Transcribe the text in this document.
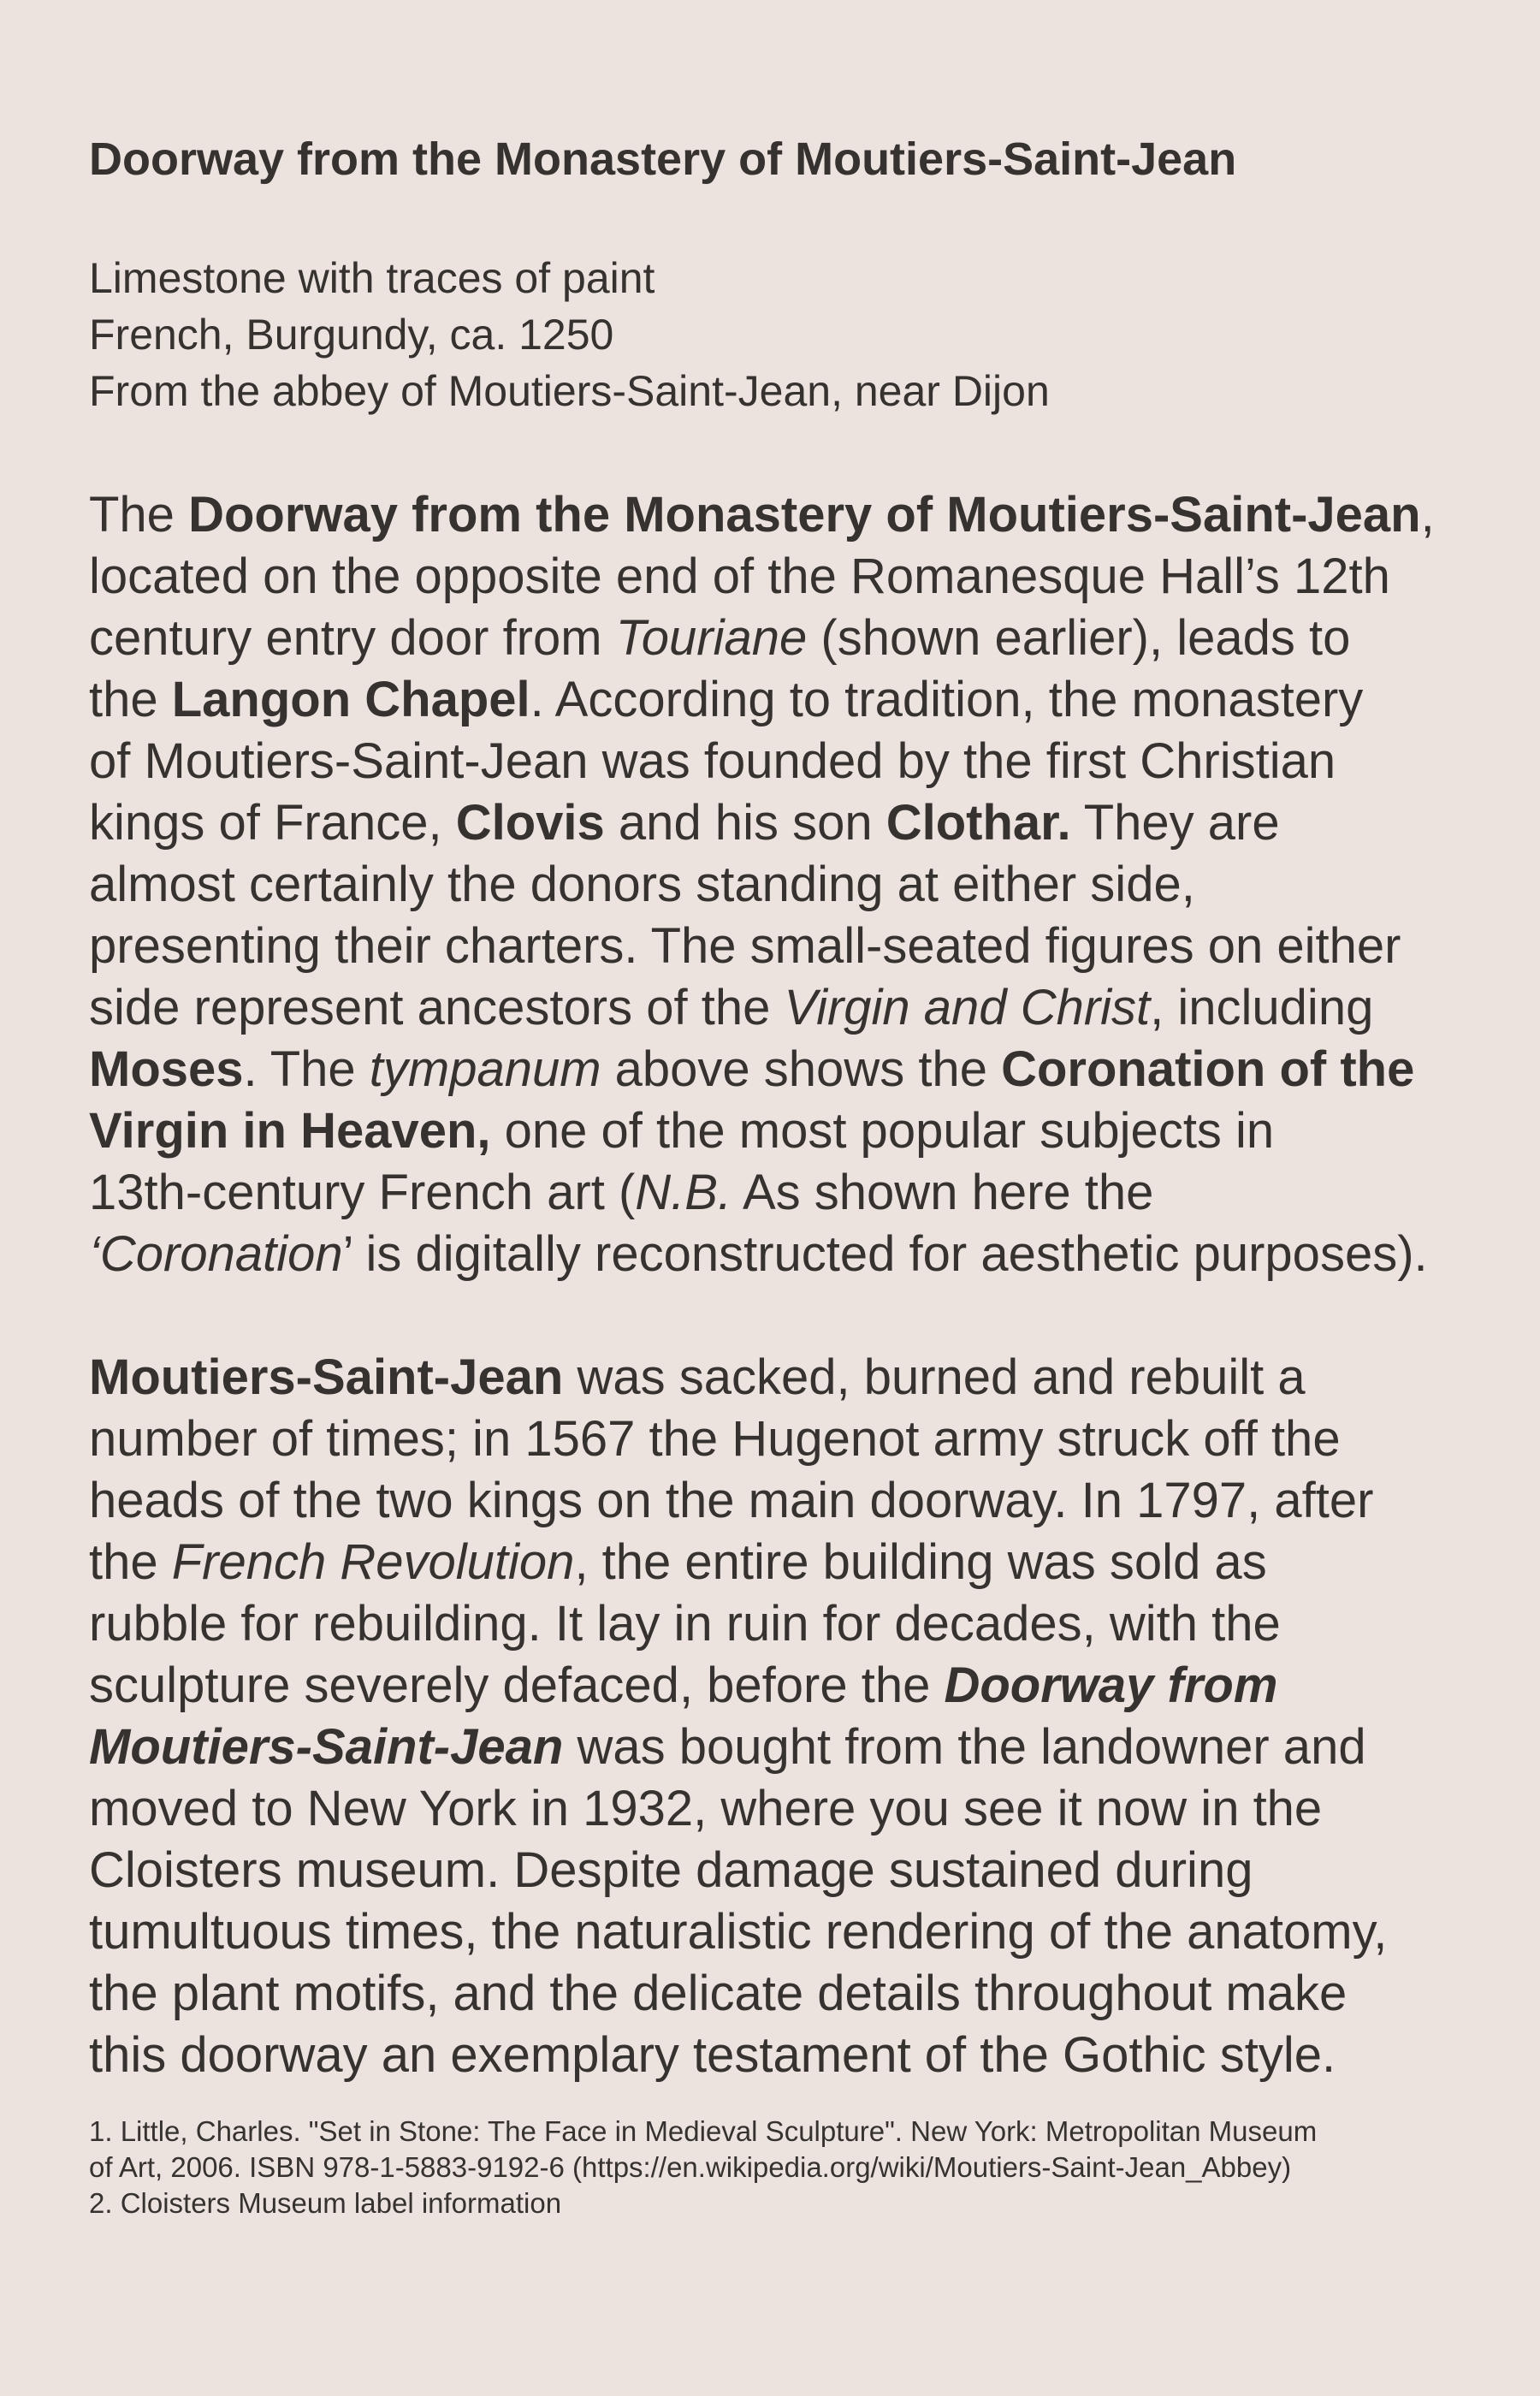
Doorway from the Monastery of Moutiers-Saint-Jean
Limestone with traces of paint
French, Burgundy, ca. 1250
From the abbey of Moutiers-Saint-Jean, near Dijon
The Doorway from the Monastery of Moutiers-Saint-Jean,
located on the opposite end of the Romanesque Hall’s 12th
century entry door from Touriane (shown earlier), leads to
the Langon Chapel. According to tradition, the monastery
of Moutiers-Saint-Jean was founded by the first Christian
kings of France, Clovis and his son Clothar. They are
almost certainly the donors standing at either side,
presenting their charters. The small-seated figures on either
side represent ancestors of the Virgin and Christ, including
Moses. The tympanum above shows the Coronation of the
Virgin in Heaven, one of the most popular subjects in
13th-century French art (N.B. As shown here the
‘Coronation’ is digitally reconstructed for aesthetic purposes).
Moutiers-Saint-Jean was sacked, burned and rebuilt a
number of times; in 1567 the Hugenot army struck off the
heads of the two kings on the main doorway. In 1797, after
the French Revolution, the entire building was sold as
rubble for rebuilding. It lay in ruin for decades, with the
sculpture severely defaced, before the Doorway from
Moutiers-Saint-Jean was bought from the landowner and
moved to New York in 1932, where you see it now in the
Cloisters museum. Despite damage sustained during
tumultuous times, the naturalistic rendering of the anatomy,
the plant motifs, and the delicate details throughout make
this doorway an exemplary testament of the Gothic style.
1. Little, Charles. "Set in Stone: The Face in Medieval Sculpture". New York: Metropolitan Museum
of Art, 2006. ISBN 978-1-5883-9192-6 (https://en.wikipedia.org/wiki/Moutiers-Saint-Jean_Abbey)
2. Cloisters Museum label information
